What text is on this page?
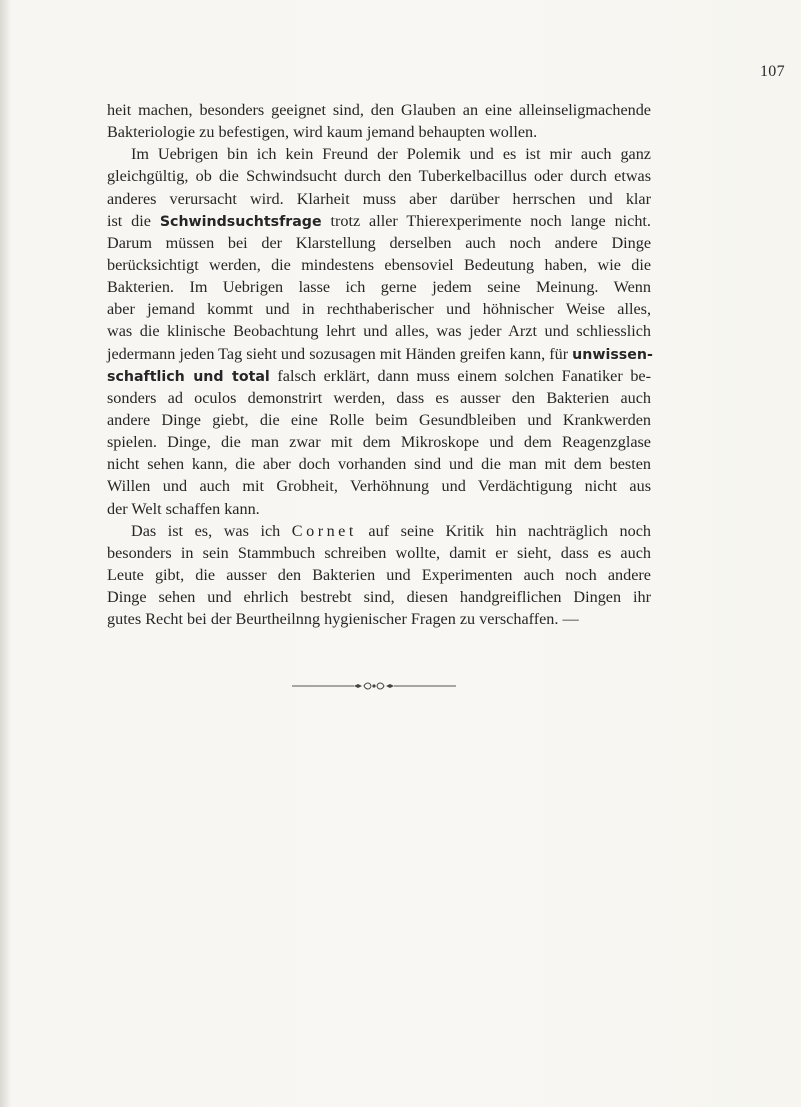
107
heit machen, besonders geeignet sind, den Glauben an eine alleinseligmachende
Bakteriologie zu befestigen, wird kaum jemand behaupten wollen.
Im Uebrigen bin ich kein Freund der Polemik und es ist mir auch ganz
gleichgültig, ob die Schwindsucht durch den Tuberkelbacillus oder durch etwas
anderes verursacht wird. Klarheit muss aber darüber herrschen und klar
ist die Schwindsuchtsfrage trotz aller Thierexperimente noch lange nicht.
Darum müssen bei der Klarstellung derselben auch noch andere Dinge
berücksichtigt werden, die mindestens ebensoviel Bedeutung haben, wie die
Bakterien. Im Uebrigen lasse ich gerne jedem seine Meinung. Wenn
aber jemand kommt und in rechthaberischer und höhnischer Weise alles,
was die klinische Beobachtung lehrt und alles, was jeder Arzt und schliesslich
jedermann jeden Tag sieht und sozusagen mit Händen greifen kann, für unwissen-
schaftlich und total falsch erklärt, dann muss einem solchen Fanatiker be-
sonders ad oculos demonstrirt werden, dass es ausser den Bakterien auch
andere Dinge giebt, die eine Rolle beim Gesundbleiben und Krankwerden
spielen. Dinge, die man zwar mit dem Mikroskope und dem Reagenzglase
nicht sehen kann, die aber doch vorhanden sind und die man mit dem besten
Willen und auch mit Grobheit, Verhöhnung und Verdächtigung nicht aus
der Welt schaffen kann.
Das ist es, was ich Cornet auf seine Kritik hin nachträglich noch
besonders in sein Stammbuch schreiben wollte, damit er sieht, dass es auch
Leute gibt, die ausser den Bakterien und Experimenten auch noch andere
Dinge sehen und ehrlich bestrebt sind, diesen handgreiflichen Dingen ihr
gutes Recht bei der Beurtheilnng hygienischer Fragen zu verschaffen. —
